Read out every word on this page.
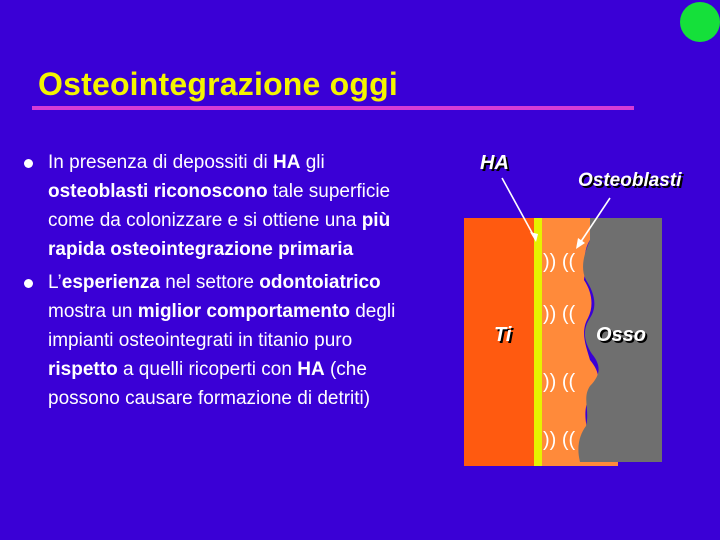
Osteointegrazione oggi
In presenza di depossiti di HA gli osteoblasti riconoscono tale superficie come da colonizzare e si ottiene una più rapida osteointegrazione primaria
L’esperienza nel settore odontoiatrico mostra un miglior comportamento degli impianti osteointegrati in titanio puro rispetto a quelli ricoperti con HA (che possono causare formazione di detriti)
)) ((
)) ((
)) ((
)) ((
HA
Osteoblasti
Ti	Osso
